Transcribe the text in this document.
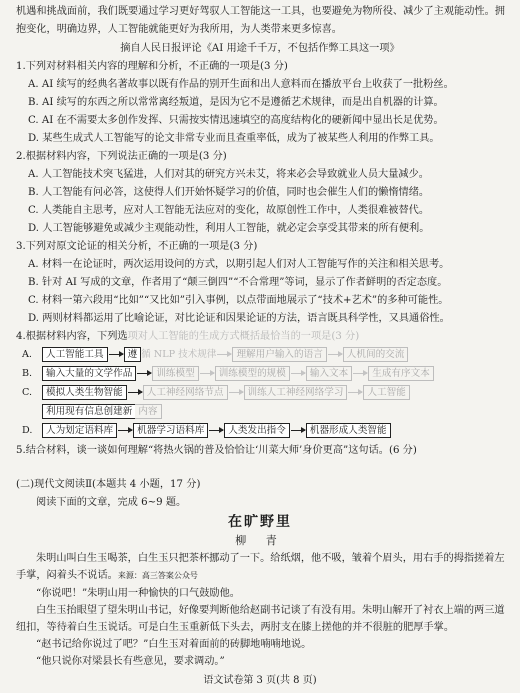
机遇和挑战面前，我们既要通过学习更好驾驭人工智能这一工具，也要避免为物所役、减少了主观能动性。拥
抱变化，明确边界，人工智能就能更好为我所用，为人类带来更多惊喜。
摘自人民日报评论《AI 用途千千万，不包括作弊工具这一项》
1.下列对材料相关内容的理解和分析，不正确的一项是(3 分)
A. AI 续写的经典名著故事以既有作品的别开生面和出人意料而在播放平台上收获了一批粉丝。
B. AI 续写的东西之所以常常离经叛道，是因为它不是遵循艺术规律，而是出自机器的计算。
C. AI 在不需要太多创作发挥、只需按实情迅速填空的高度结构化的硬新闻中显出长足优势。
D. 某些生成式人工智能写的论文非常专业而且查重率低，成为了被某些人利用的作弊工具。
2.根据材料内容，下列说法正确的一项是(3 分)
A. 人工智能技术突飞猛进，人们对其的研究方兴未艾，将来必会导致就业人员大量减少。
B. 人工智能有问必答，这使得人们开始怀疑学习的价值，同时也会催生人们的懒惰情绪。
C. 人类能自主思考，应对人工智能无法应对的变化，故原创性工作中，人类很难被替代。
D. 人工智能够避免或减少主观能动性，利用人工智能，就必定会享受其带来的所有便利。
3.下列对原文论证的相关分析，不正确的一项是(3 分)
A. 材料一在论证时，两次运用设问的方式，以期引起人们对人工智能写作的关注和相关思考。
B. 针对 AI 写成的文章，作者用了“颠三倒四”“不合常理”等词，显示了作者鲜明的否定态度。
C. 材料一第六段用“比如”“又比如”引入事例，以点带面地展示了“技术+艺术”的多种可能性。
D. 两则材料都运用了比喻论证，对比论证和因果论证的方法，语言既具科学性，又具通俗性。
4.根据材料内容，下列选项对人工智能的生成方式概括最恰当的一项是(3 分)
A.	人工智能工具	遵 循 NLP 技术规律	理解用户输入的语言	人机间的交流
B.	输入大量的文学作品	训练模型	训练模型的规模	输入文本	生成有序文本
C.	模拟人类生物智能	人工神经网络节点	训练人工神经网络学习	人工智能
利用现有信息创建新 内容
D.	人为划定语料库	机器学习语料库	人类发出指令	机器形成人类智能
5.结合材料，谈一谈如何理解“将热火锅的普及恰恰让‘川菜大师’身价更高”这句话。(6 分)
(二)现代文阅读Ⅱ(本题共 4 小题，17 分)
阅读下面的文章，完成 6~9 题。
在旷野里
柳 青
朱明山叫白生玉喝茶，白生玉只把茶杯挪动了一下。给纸烟，他不吸，皱着个眉头，用右手的拇指搓着左
手掌，闷着头不说话。来源：高三答案公众号
“你说吧！”朱明山用一种愉快的口气鼓励他。
白生玉抬眼望了望朱明山书记，好像要判断他给赵副书记谈了有没有用。朱明山解开了衬衣上端的两三道
纽扣，等待着白生玉说话。可是白生玉重新低下头去，两肘支在膝上搓他的并不很脏的肥厚手掌。
“赵书记给你说过了吧？”白生玉对着面前的砖脚地喃喃地说。
“他只说你对梁县长有些意见，要求调动。”
语文试卷第 3 页(共 8 页)
